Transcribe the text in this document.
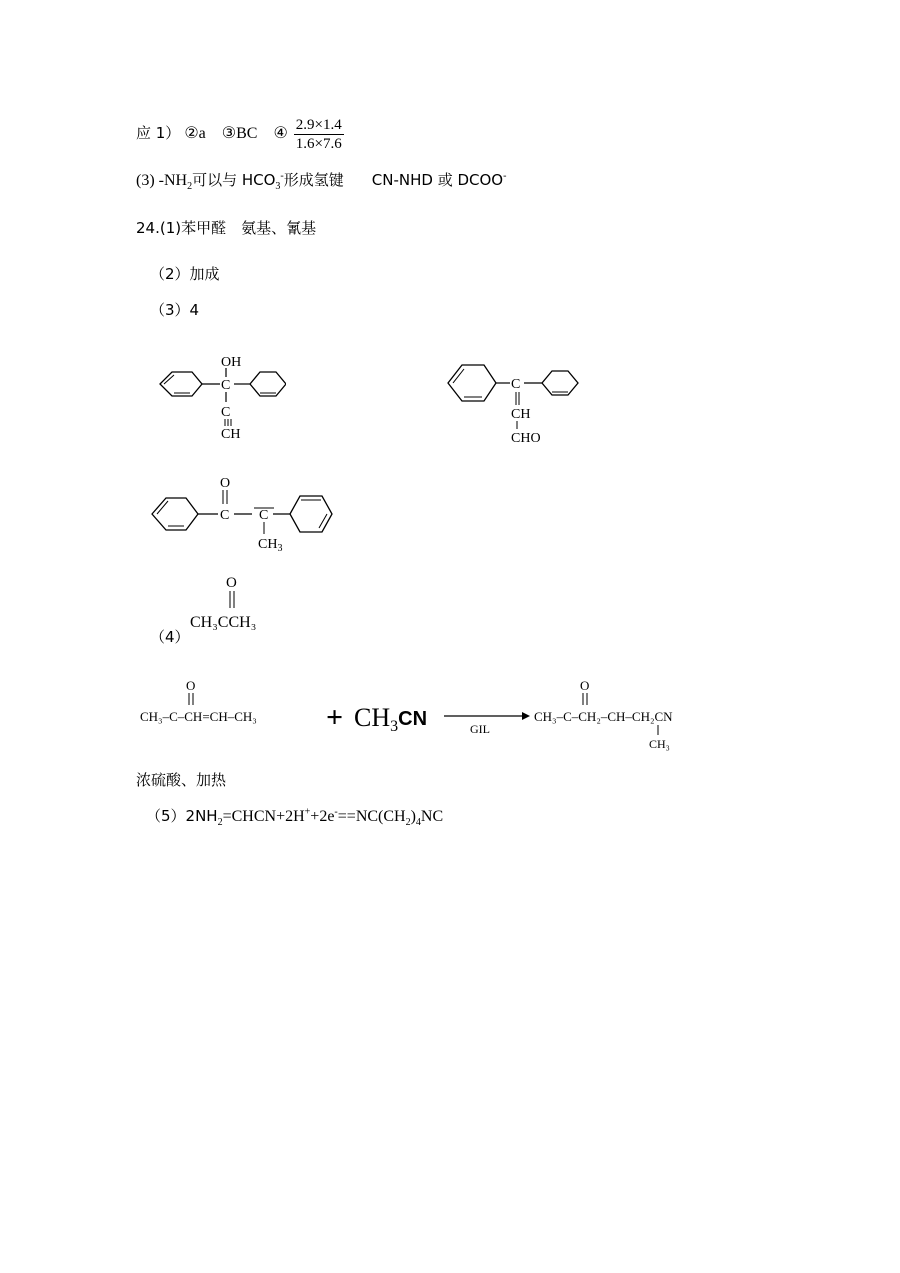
应 1） ②a ③BC ④ $\frac{2.9\times 1.4}{1.6\times 7.6}$
(3) $-NH_2$可以与 $HCO_3^-$形成氢键 CN-NHD 或 DCOO-
24.(1)苯甲醛　氨基、氰基
（2）加成
（3）4
OH
C
C
CH
C
CH
CHO
O
C C
$CH_3$
O
CH₃CCH₃
（4）
O
$CH_3-C-CH=CH-CH_3 + CH3^{CN}$	GIL
O
CH₃–C–CH₂–CH–CH₂CN
CH₃
浓硫酸、加热
$(5)2NH_2=CHCN+2H^++2e^-==NC(CH_2)_4NC$
